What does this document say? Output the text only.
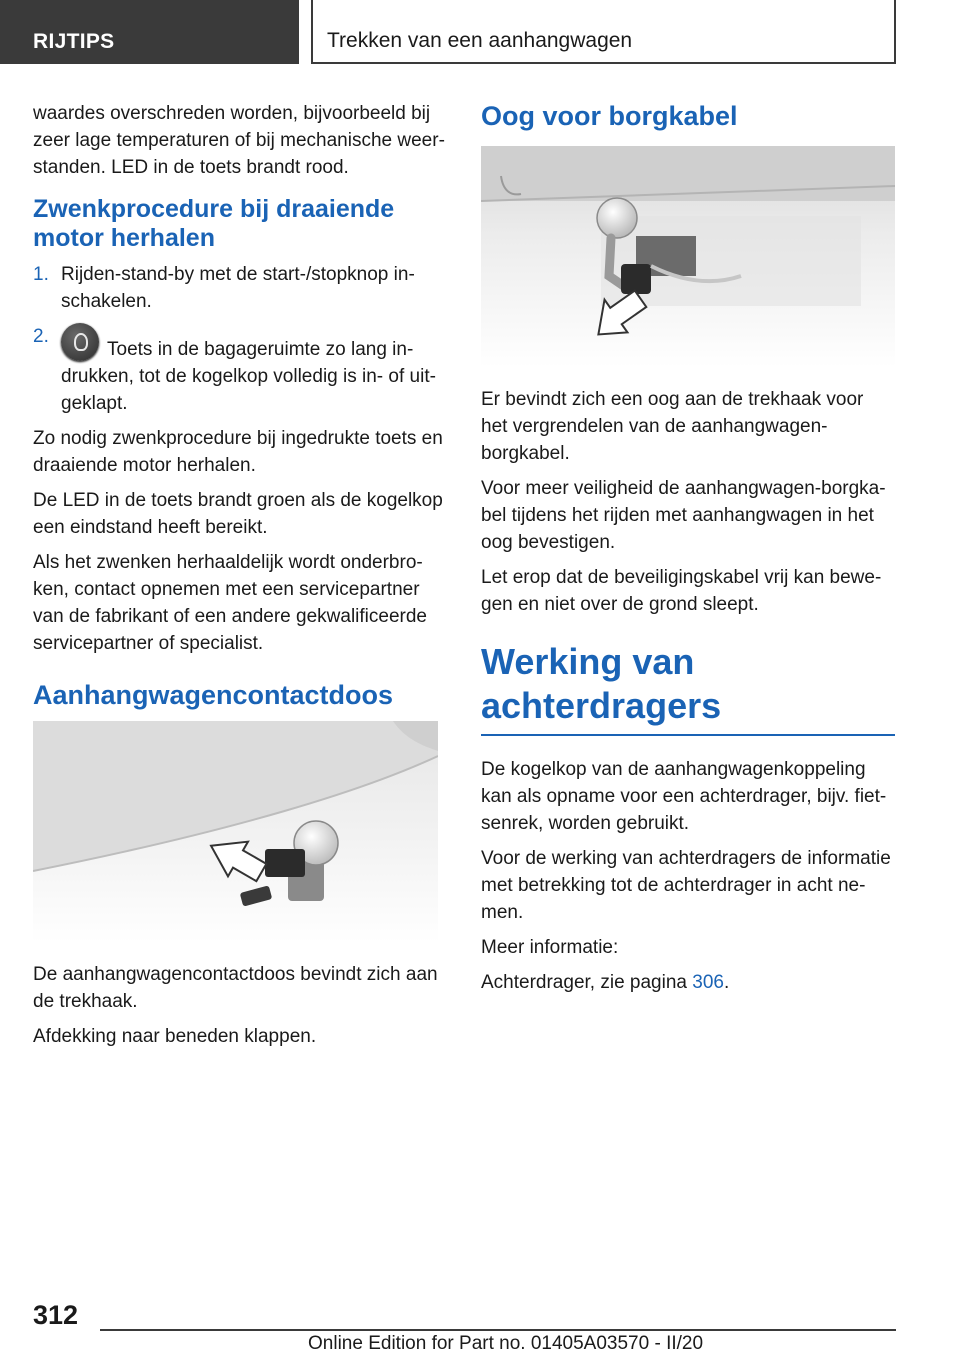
RIJTIPS	Trekken van een aanhangwagen

waardes overschreden worden, bijvoorbeeld bij zeer lage temperaturen of bij mechanische weerstanden. LED in de toets brandt rood.

Zwenkprocedure bij draaiende motor herhalen
1. Rijden-stand-by met de start-/stopknop inschakelen.
2.
Toets in de bagageruimte zo lang indrukken, tot de kogelkop volledig is in- of uitgeklapt.

Zo nodig zwenkprocedure bij ingedrukte toets en draaiende motor herhalen.

De LED in de toets brandt groen als de kogelkop een eindstand heeft bereikt.

Als het zwenken herhaaldelijk wordt onderbroken, contact opnemen met een servicepartner van de fabrikant of een andere gekwalificeerde servicepartner of specialist.

Aanhangwagencontactdoos

De aanhangwagencontactdoos bevindt zich aan de trekhaak.

Afdekking naar beneden klappen.

Oog voor borgkabel

Er bevindt zich een oog aan de trekhaak voor het vergrendelen van de aanhangwagen-borgkabel.

Voor meer veiligheid de aanhangwagen-borgkabel tijdens het rijden met aanhangwagen in het oog bevestigen.

Let erop dat de beveiligingskabel vrij kan bewegen en niet over de grond sleept.

Werking van achterdragers

De kogelkop van de aanhangwagenkoppeling kan als opname voor een achterdrager, bijv. fietsenrek, worden gebruikt.

Voor de werking van achterdragers de informatie met betrekking tot de achterdrager in acht nemen.

Meer informatie:

Achterdrager, zie pagina 306.

312
Online Edition for Part no. 01405A03570 - II/20
